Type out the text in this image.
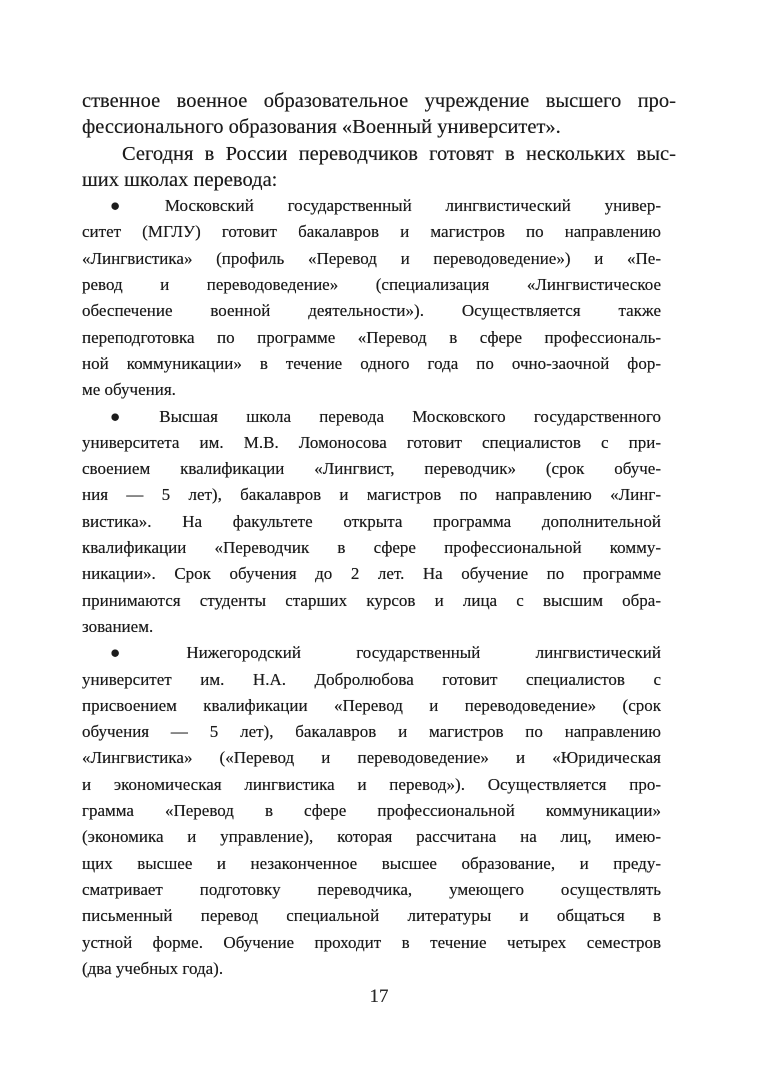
ственное военное образовательное учреждение высшего про-
фессионального образования «Военный университет».
Сегодня в России переводчиков готовят в нескольких выс-
ших школах перевода:
● Московский государственный лингвистический универ-
ситет (МГЛУ) готовит бакалавров и магистров по направлению
«Лингвистика» (профиль «Перевод и переводоведение») и «Пе-
ревод и переводоведение» (специализация «Лингвистическое
обеспечение военной деятельности»). Осуществляется также
переподготовка по программе «Перевод в сфере профессиональ-
ной коммуникации» в течение одного года по очно-заочной фор-
ме обучения.
● Высшая школа перевода Московского государственного
университета им. М.В. Ломоносова готовит специалистов с при-
своением квалификации «Лингвист, переводчик» (срок обуче-
ния — 5 лет), бакалавров и магистров по направлению «Линг-
вистика». На факультете открыта программа дополнительной
квалификации «Переводчик в сфере профессиональной комму-
никации». Срок обучения до 2 лет. На обучение по программе
принимаются студенты старших курсов и лица с высшим обра-
зованием.
● Нижегородский государственный лингвистический
университет им. Н.А. Добролюбова готовит специалистов с
присвоением квалификации «Перевод и переводоведение» (срок
обучения — 5 лет), бакалавров и магистров по направлению
«Лингвистика» («Перевод и переводоведение» и «Юридическая
и экономическая лингвистика и перевод»). Осуществляется про-
грамма «Перевод в сфере профессиональной коммуникации»
(экономика и управление), которая рассчитана на лиц, имею-
щих высшее и незаконченное высшее образование, и преду-
сматривает подготовку переводчика, умеющего осуществлять
письменный перевод специальной литературы и общаться в
устной форме. Обучение проходит в течение четырех семестров
(два учебных года).
17
